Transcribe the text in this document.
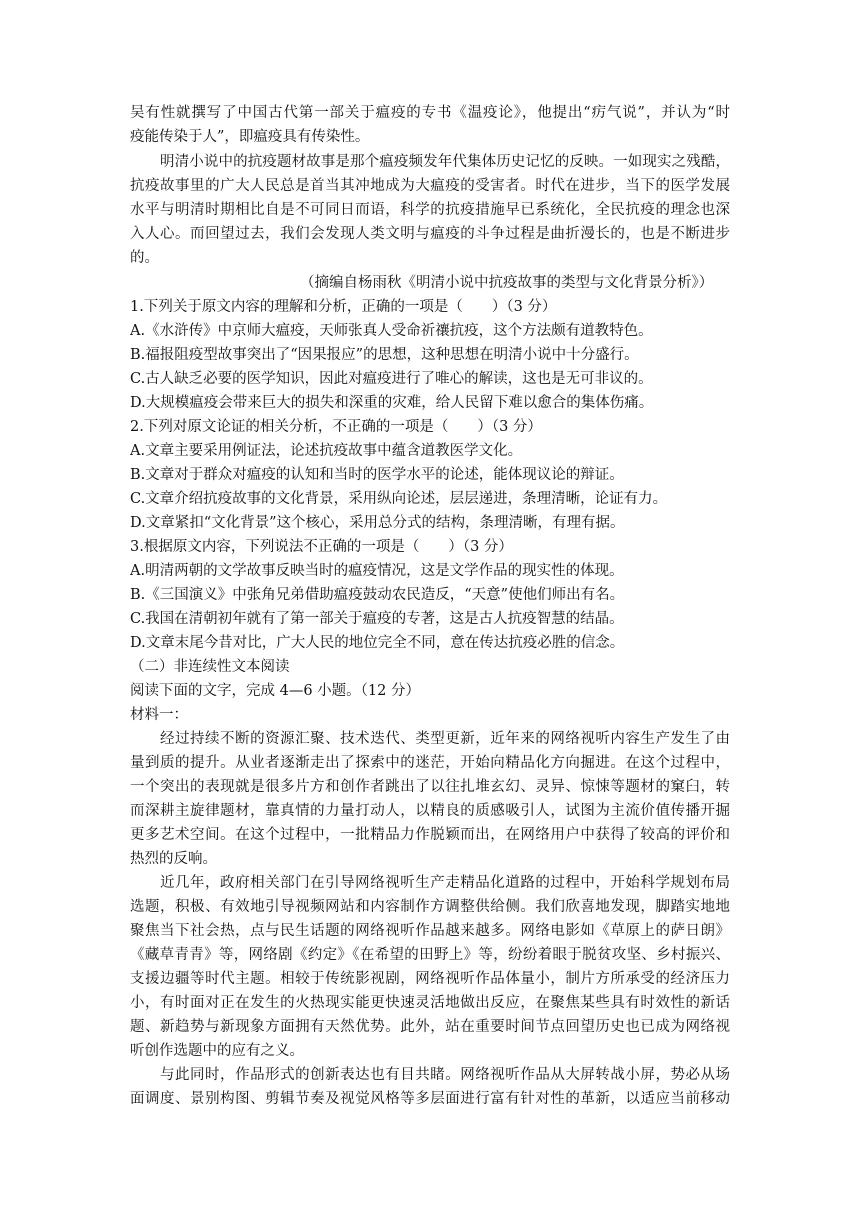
吴有性就撰写了中国古代第一部关于瘟疫的专书《温疫论》，他提出“疠气说”，并认为“时
疫能传染于人”，即瘟疫具有传染性。
明清小说中的抗疫题材故事是那个瘟疫频发年代集体历史记忆的反映。一如现实之残酷，
抗疫故事里的广大人民总是首当其冲地成为大瘟疫的受害者。时代在进步，当下的医学发展
水平与明清时期相比自是不可同日而语，科学的抗疫措施早已系统化，全民抗疫的理念也深
入人心。而回望过去，我们会发现人类文明与瘟疫的斗争过程是曲折漫长的，也是不断进步
的。
（摘编自杨雨秋《明清小说中抗疫故事的类型与文化背景分析》）
1.下列关于原文内容的理解和分析，正确的一项是（　　）（3 分）
A.《水浒传》中京师大瘟疫，天师张真人受命祈禳抗疫，这个方法颇有道教特色。
B.福报阻疫型故事突出了“因果报应”的思想，这种思想在明清小说中十分盛行。
C.古人缺乏必要的医学知识，因此对瘟疫进行了唯心的解读，这也是无可非议的。
D.大规模瘟疫会带来巨大的损失和深重的灾难，给人民留下难以愈合的集体伤痛。
2.下列对原文论证的相关分析，不正确的一项是（　　）（3 分）
A.文章主要采用例证法，论述抗疫故事中蕴含道教医学文化。
B.文章对于群众对瘟疫的认知和当时的医学水平的论述，能体现议论的辩证。
C.文章介绍抗疫故事的文化背景，采用纵向论述，层层递进，条理清晰，论证有力。
D.文章紧扣“文化背景”这个核心，采用总分式的结构，条理清晰，有理有据。
3.根据原文内容，下列说法不正确的一项是（　　）（3 分）
A.明清两朝的文学故事反映当时的瘟疫情况，这是文学作品的现实性的体现。
B.《三国演义》中张角兄弟借助瘟疫鼓动农民造反，“天意”使他们师出有名。
C.我国在清朝初年就有了第一部关于瘟疫的专著，这是古人抗疫智慧的结晶。
D.文章末尾今昔对比，广大人民的地位完全不同，意在传达抗疫必胜的信念。
（二）非连续性文本阅读
阅读下面的文字，完成 4—6 小题。（12 分）
材料一：
经过持续不断的资源汇聚、技术迭代、类型更新，近年来的网络视听内容生产发生了由
量到质的提升。从业者逐渐走出了探索中的迷茫，开始向精品化方向掘进。在这个过程中，
一个突出的表现就是很多片方和创作者跳出了以往扎堆玄幻、灵异、惊悚等题材的窠臼，转
而深耕主旋律题材，靠真情的力量打动人，以精良的质感吸引人，试图为主流价值传播开掘
更多艺术空间。在这个过程中，一批精品力作脱颖而出，在网络用户中获得了较高的评价和
热烈的反响。
近几年，政府相关部门在引导网络视听生产走精品化道路的过程中，开始科学规划布局
选题，积极、有效地引导视频网站和内容制作方调整供给侧。我们欣喜地发现，脚踏实地地
聚焦当下社会热，点与民生话题的网络视听作品越来越多。网络电影如《草原上的萨日朗》
《藏草青青》等，网络剧《约定》《在希望的田野上》等，纷纷着眼于脱贫攻坚、乡村振兴、
支援边疆等时代主题。相较于传统影视剧，网络视听作品体量小，制片方所承受的经济压力
小，有时面对正在发生的火热现实能更快速灵活地做出反应，在聚焦某些具有时效性的新话
题、新趋势与新现象方面拥有天然优势。此外，站在重要时间节点回望历史也已成为网络视
听创作选题中的应有之义。
与此同时，作品形式的创新表达也有目共睹。网络视听作品从大屏转战小屏，势必从场
面调度、景别构图、剪辑节奏及视觉风格等多层面进行富有针对性的革新，以适应当前移动
